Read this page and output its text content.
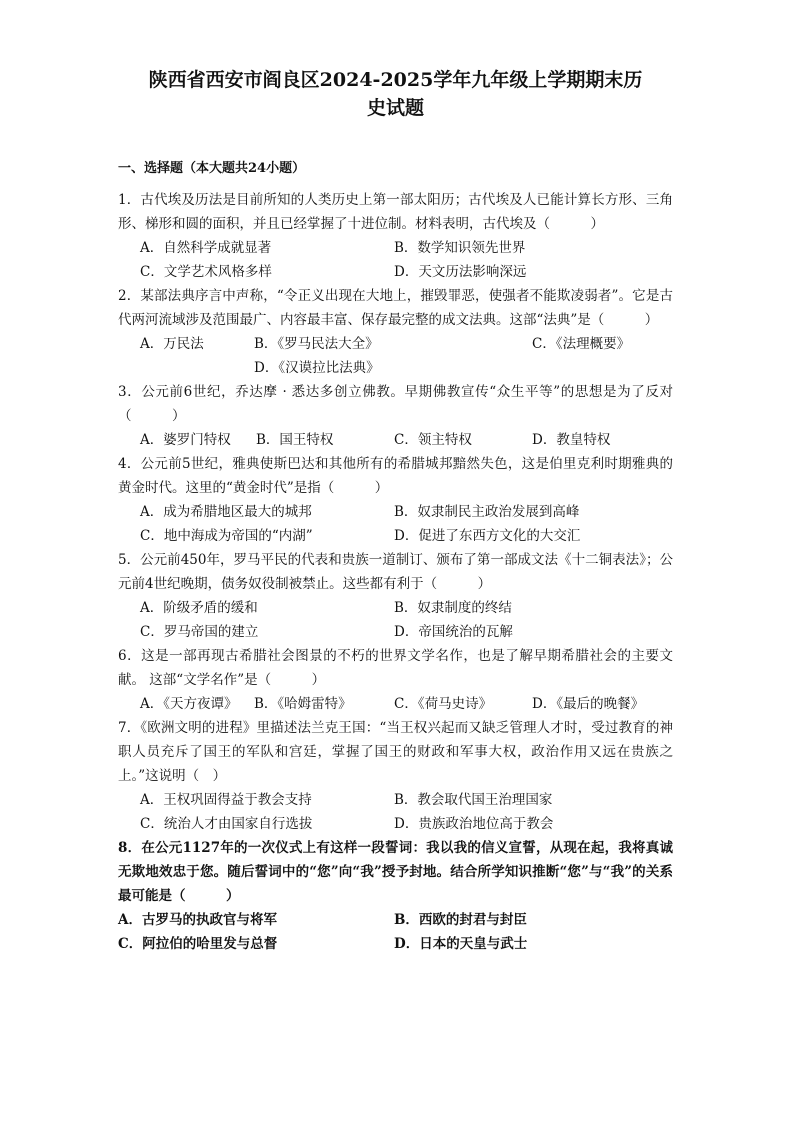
陕西省西安市阎良区2024-2025学年九年级上学期期末历
史试题
一、选择题（本大题共24小题）

1．古代埃及历法是目前所知的人类历史上第一部太阳历；古代埃及人已能计算长方形、三角形、梯形和圆的面积，并且已经掌握了十进位制。材料表明，古代埃及（　　　）

A．自然科学成就显著	B．数学知识领先世界
C．文学艺术风格多样	D．天文历法影响深远

2．某部法典序言中声称，“令正义出现在大地上，摧毁罪恶，使强者不能欺凌弱者”。它是古代两河流域涉及范围最广、内容最丰富、保存最完整的成文法典。这部“法典”是（　　　）

A．万民法	B．《罗马民法大全》	C．《法理概要》
D．《汉谟拉比法典》

3．公元前6世纪，乔达摩 · 悉达多创立佛教。早期佛教宣传“众生平等”的思想是为了反对（　　　）

A．婆罗门特权 B．国王特权	C．领主特权	D．教皇特权

4．公元前5世纪，雅典使斯巴达和其他所有的希腊城邦黯然失色，这是伯里克利时期雅典的黄金时代。这里的“黄金时代”是指（　　　）

A．成为希腊地区最大的城邦	B．奴隶制民主政治发展到高峰
C．地中海成为帝国的“内湖”	D．促进了东西方文化的大交汇

5．公元前450年，罗马平民的代表和贵族一道制订、颁布了第一部成文法《十二铜表法》；公元前4世纪晚期，债务奴役制被禁止。这些都有利于（　　　）

A．阶级矛盾的缓和	B．奴隶制度的终结
C．罗马帝国的建立	D．帝国统治的瓦解

6．这是一部再现古希腊社会图景的不朽的世界文学名作，也是了解早期希腊社会的主要文献。 这部“文学名作”是（　　　）

A．《天方夜谭》 B．《哈姆雷特》	C．《荷马史诗》	D．《最后的晚餐》

7．《欧洲文明的进程》里描述法兰克王国：“当王权兴起而又缺乏管理人才时，受过教育的神职人员充斥了国王的军队和宫廷，掌握了国王的财政和军事大权，政治作用又远在贵族之上。”这说明（　）

A．王权巩固得益于教会支持	B．教会取代国王治理国家
C．统治人才由国家自行选拔	D．贵族政治地位高于教会

8．在公元1127年的一次仪式上有这样一段誓词：我以我的信义宣誓，从现在起，我将真诚无欺地效忠于您。随后誓词中的“您”向“我”授予封地。结合所学知识推断“您”与“我”的关系最可能是（　　　）

A．古罗马的执政官与将军	B．西欧的封君与封臣
C．阿拉伯的哈里发与总督	D．日本的天皇与武士
